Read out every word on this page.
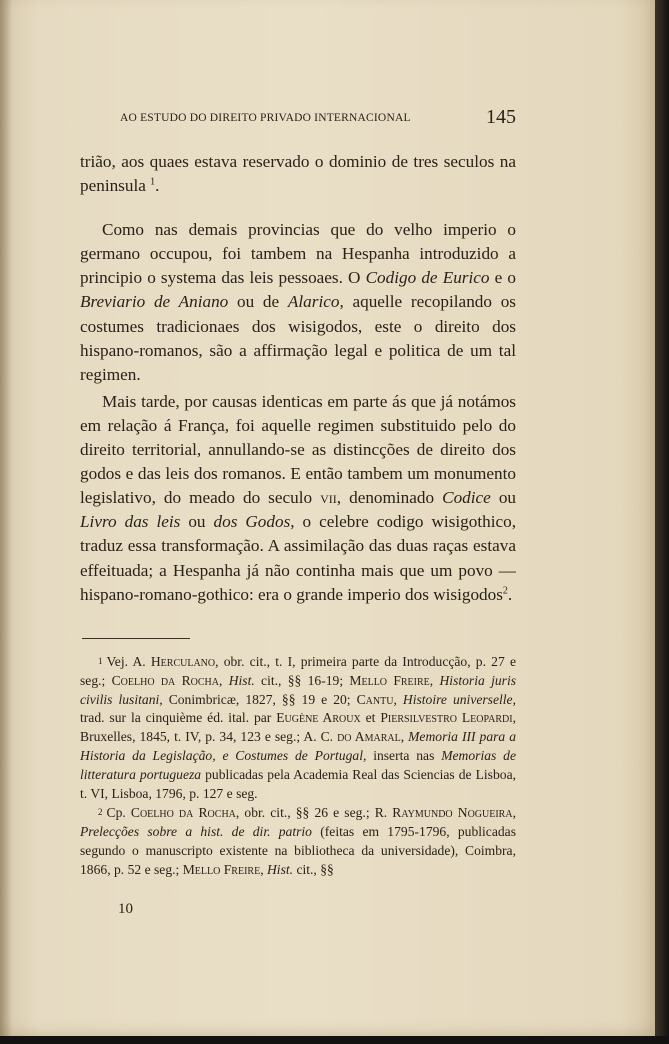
AO ESTUDO DO DIREITO PRIVADO INTERNACIONAL	145

trião, aos quaes estava reservado o dominio de tres seculos na peninsula $^1$.

Como nas demais provincias que do velho imperio o germano occupou, foi tambem na Hespanha introduzido a principio o systema das leis pessoaes. O Codigo de Eurico e o Breviario de Aniano ou de Alarico, aquelle recopilando os costumes tradicionaes dos wisigodos, este o direito dos hispano-romanos, são a affirmação legal e politica de um tal regimen.

Mais tarde, por causas identicas em parte ás que já notámos em relação á França, foi aquelle regimen substituido pelo do direito territorial, annullando-se as distincções de direito dos godos e das leis dos romanos. E então tambem um monumento legislativo, do meado do seculo vii, denominado Codice ou Livro das leis ou dos Godos, o celebre codigo wisigothico, traduz essa transformação. A assimilação das duas raças estava effeituada; a Hespanha já não continha mais que um povo — hispano-romano-gothico: era o grande imperio dos wisigodos$^2$.

1 Vej. A. Herculano, obr. cit., t. I, primeira parte da Introducção, p. 27 e seg.; Coelho da Rocha, Hist. cit., §§ 16-19; Mello Freire, Historia juris civilis lusitani, Conimbricæ, 1827, §§ 19 e 20; Cantu, Histoire universelle, trad. sur la cinquième éd. ital. par Eugène Aroux et Piersilvestro Leopardi, Bruxelles, 1845, t. IV, p. 34, 123 e seg.; A. C. do Amaral, Memoria III para a Historia da Legislação, e Costumes de Portugal, inserta nas Memorias de litteratura portugueza publicadas pela Academia Real das Sciencias de Lisboa, t. VI, Lisboa, 1796, p. 127 e seg.

2 Cp. Coelho da Rocha, obr. cit., §§ 26 e seg.; R. Raymundo Nogueira, Prelecções sobre a hist. de dir. patrio (feitas em 1795-1796, publicadas segundo o manuscripto existente na bibliotheca da universidade), Coimbra, 1866, p. 52 e seg.; Mello Freire, Hist. cit., §§

10
